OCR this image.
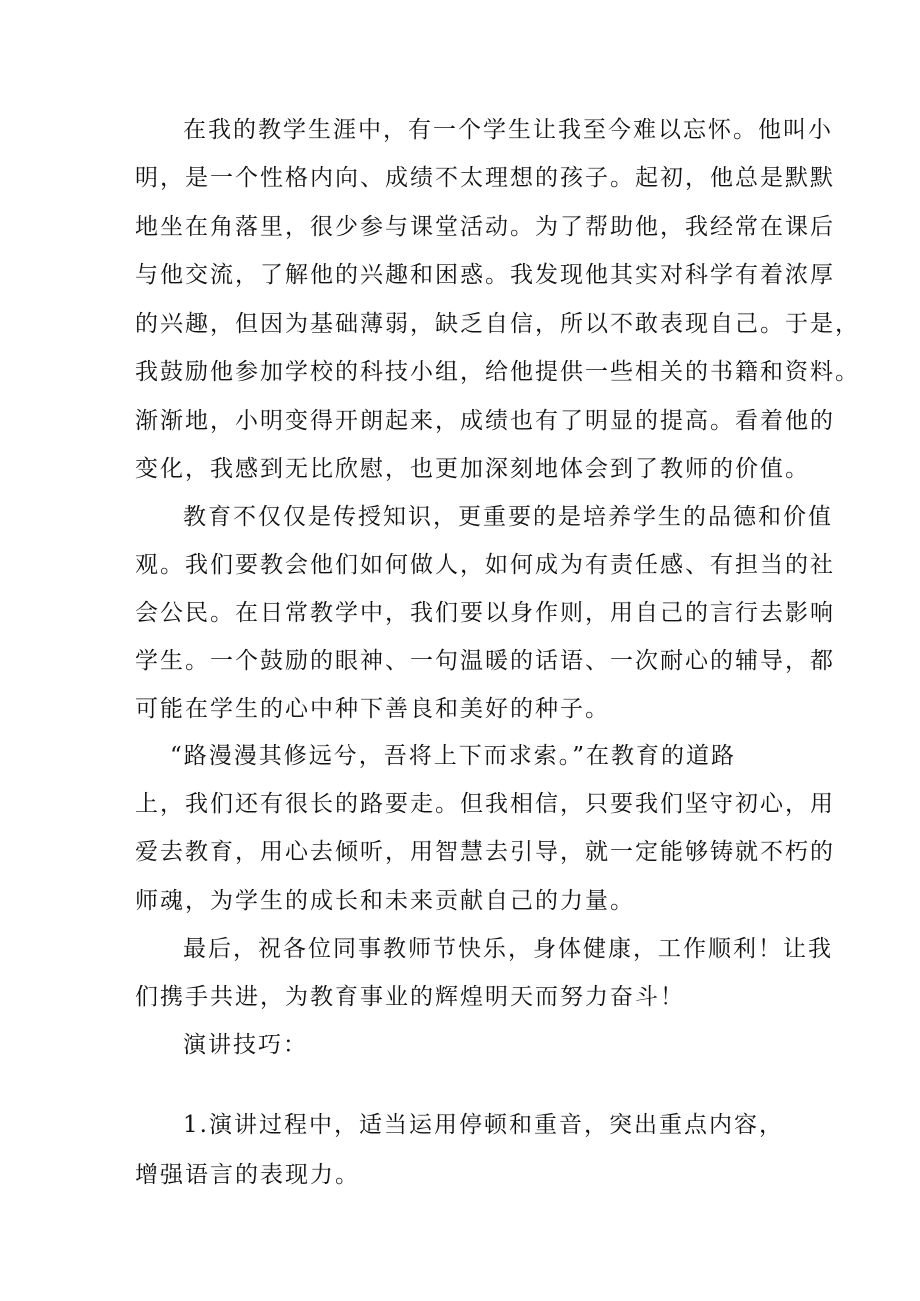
在我的教学生涯中，有一个学生让我至今难以忘怀。他叫小
明，是一个性格内向、成绩不太理想的孩子。起初，他总是默默
地坐在角落里，很少参与课堂活动。为了帮助他，我经常在课后
与他交流，了解他的兴趣和困惑。我发现他其实对科学有着浓厚
的兴趣，但因为基础薄弱，缺乏自信，所以不敢表现自己。于是，
我鼓励他参加学校的科技小组，给他提供一些相关的书籍和资料。
渐渐地，小明变得开朗起来，成绩也有了明显的提高。看着他的
变化，我感到无比欣慰，也更加深刻地体会到了教师的价值。
教育不仅仅是传授知识，更重要的是培养学生的品德和价值
观。我们要教会他们如何做人，如何成为有责任感、有担当的社
会公民。在日常教学中，我们要以身作则，用自己的言行去影响
学生。一个鼓励的眼神、一句温暖的话语、一次耐心的辅导，都
可能在学生的心中种下善良和美好的种子。
“路漫漫其修远兮，吾将上下而求索。”在教育的道路
上，我们还有很长的路要走。但我相信，只要我们坚守初心，用
爱去教育，用心去倾听，用智慧去引导，就一定能够铸就不朽的
师魂，为学生的成长和未来贡献自己的力量。
最后，祝各位同事教师节快乐，身体健康，工作顺利！让我
们携手共进，为教育事业的辉煌明天而努力奋斗！
演讲技巧：
1.演讲过程中，适当运用停顿和重音，突出重点内容，
增强语言的表现力。
